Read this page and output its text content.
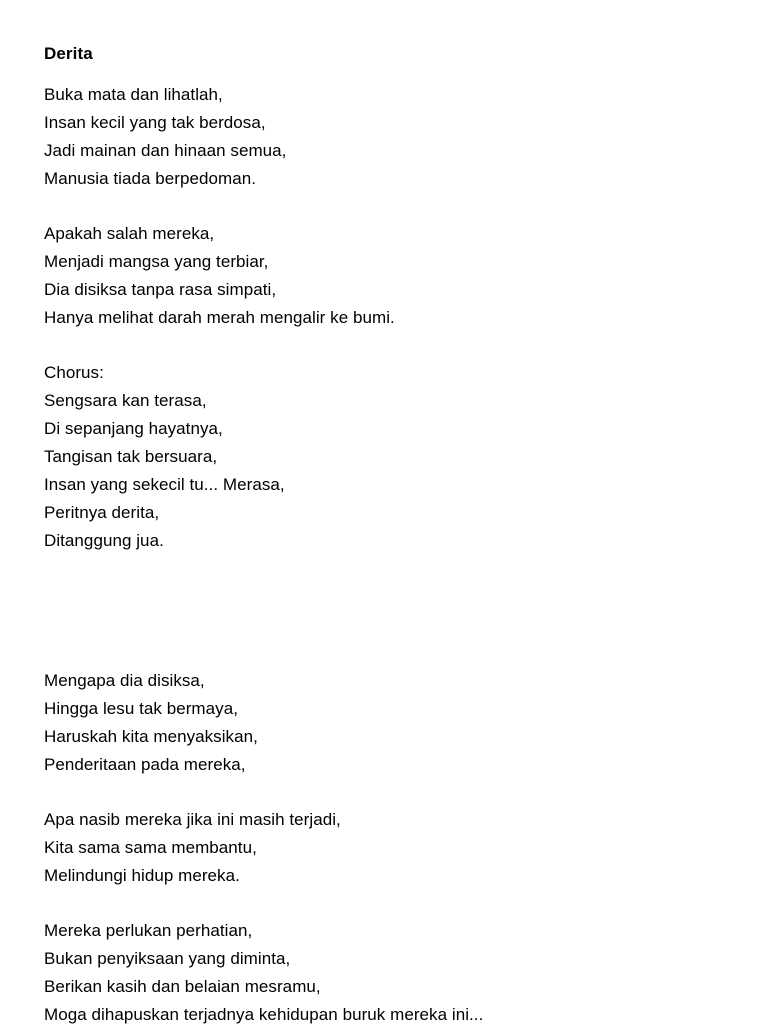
Derita
Buka mata dan lihatlah,
Insan kecil yang tak berdosa,
Jadi mainan dan hinaan semua,
Manusia tiada berpedoman.
Apakah salah mereka,
Menjadi mangsa yang terbiar,
Dia disiksa tanpa rasa simpati,
Hanya melihat darah merah mengalir ke bumi.
Chorus:
Sengsara kan terasa,
Di sepanjang hayatnya,
Tangisan tak bersuara,
Insan yang sekecil tu... Merasa,
Peritnya derita,
Ditanggung jua.
Mengapa dia disiksa,
Hingga lesu tak bermaya,
Haruskah kita menyaksikan,
Penderitaan pada mereka,
Apa nasib mereka jika ini masih terjadi,
Kita sama sama membantu,
Melindungi hidup mereka.
Mereka perlukan perhatian,
Bukan penyiksaan yang diminta,
Berikan kasih dan belaian mesramu,
Moga dihapuskan terjadnya kehidupan buruk mereka ini...
